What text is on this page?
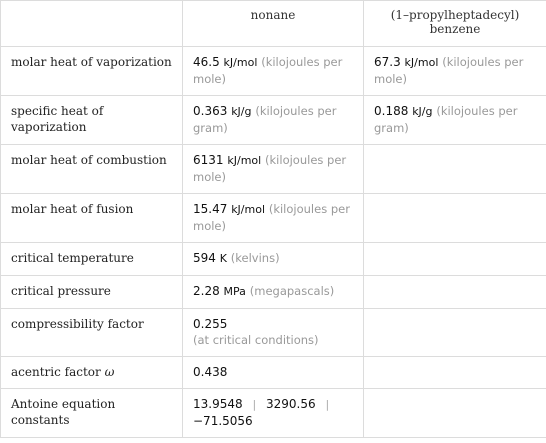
	nonane	(1–propylheptadecyl)
benzene
molar heat of vaporization	46.5 kJ/mol (kilojoules per mole)	67.3 kJ/mol (kilojoules per mole)
specific heat of vaporization	0.363 kJ/g (kilojoules per gram)	0.188 kJ/g (kilojoules per gram)
molar heat of combustion	6131 kJ/mol (kilojoules per mole)	
molar heat of fusion	15.47 kJ/mol (kilojoules per mole)	
critical temperature	594 K (kelvins)	
critical pressure	2.28 MPa (megapascals)	
compressibility factor	0.255
(at critical conditions)	
acentric factor ω	0.438	
Antoine equation constants	13.9548 | 3290.56 | −71.5056	
